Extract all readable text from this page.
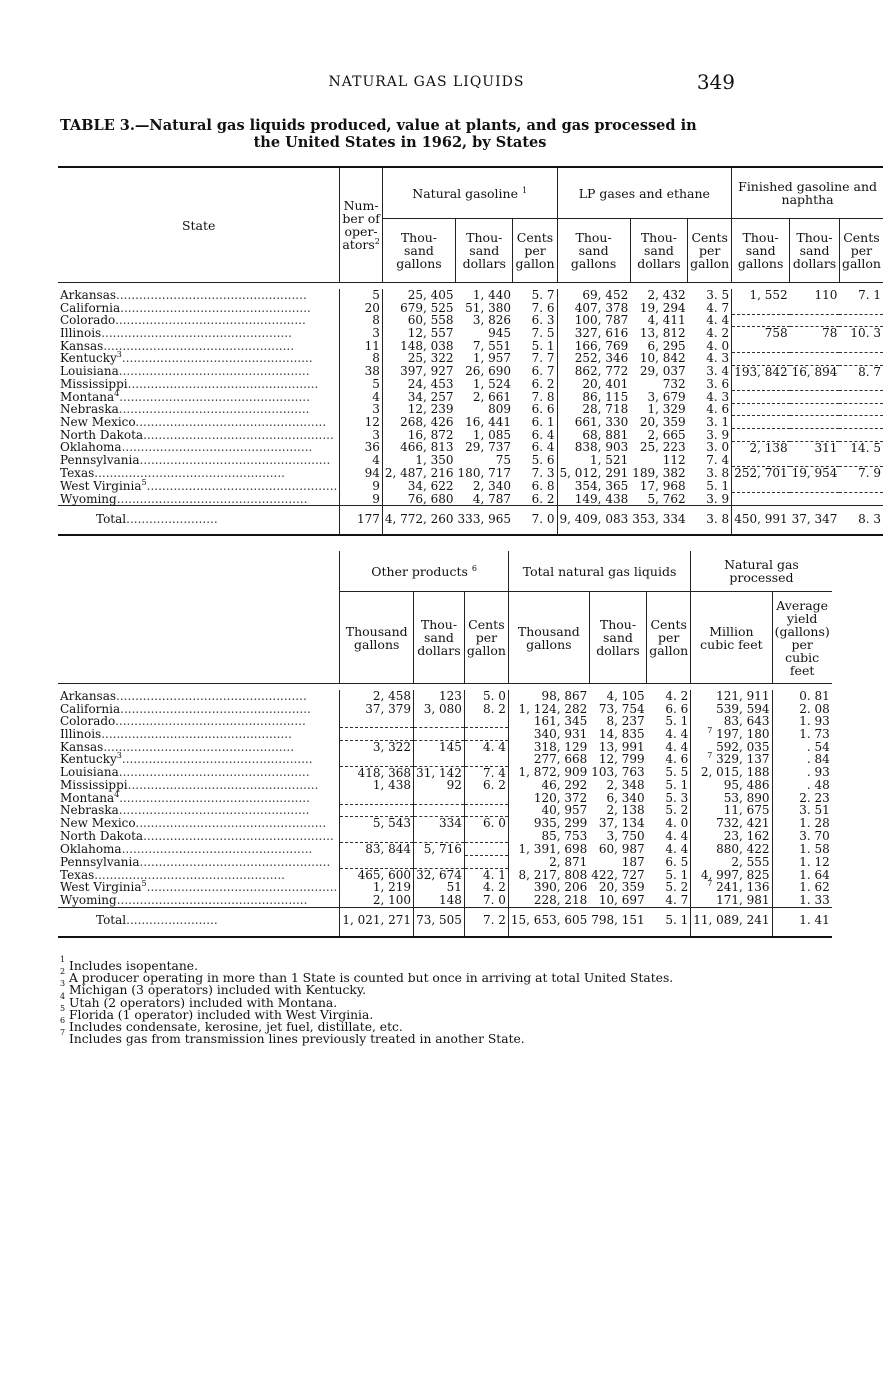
NATURAL GAS LIQUIDS	349
TABLE 3.—Natural gas liquids produced, value at plants, and gas processed in
the United States in 1962, by States
State	Num- ber of oper- ators$^2$	Natural gasoline $^1$			LP gases and ethane			Finished gasoline and naphtha		
		Thou- sand gallons	Thou- sand dollars	Cents per gallon	Thou- sand gallons	Thou- sand dollars	Cents per gallon	Thou- sand gallons	Thou- sand dollars	Cents per gallon

Arkansas..................................................	5	25, 405	1, 440	5. 7	69, 452	2, 432	3. 5	1, 552	110	7. 1
California..................................................	20	679, 525	51, 380	7. 6	407, 378	19, 294	4. 7			
Colorado..................................................	8	60, 558	3, 826	6. 3	100, 787	4, 411	4. 4			
Illinois..................................................	3	12, 557	945	7. 5	327, 616	13, 812	4. 2	758	78	10. 3
Kansas..................................................	11	148, 038	7, 551	5. 1	166, 769	6, 295	4. 0			
Kentucky$^3$..................................................	8	25, 322	1, 957	7. 7	252, 346	10, 842	4. 3			
Louisiana..................................................	38	397, 927	26, 690	6. 7	862, 772	29, 037	3. 4	193, 842	16, 894	8. 7
Mississippi..................................................	5	24, 453	1, 524	6. 2	20, 401	732	3. 6			
Montana$^4$..................................................	4	34, 257	2, 661	7. 8	86, 115	3, 679	4. 3			
Nebraska..................................................	3	12, 239	809	6. 6	28, 718	1, 329	4. 6			
New Mexico..................................................	12	268, 426	16, 441	6. 1	661, 330	20, 359	3. 1			
North Dakota..................................................	3	16, 872	1, 085	6. 4	68, 881	2, 665	3. 9			
Oklahoma..................................................	36	466, 813	29, 737	6. 4	838, 903	25, 223	3. 0	2, 138	311	14. 5
Pennsylvania..................................................	4	1, 350	75	5. 6	1, 521	112	7. 4			
Texas..................................................	94	2, 487, 216	180, 717	7. 3	5, 012, 291	189, 382	3. 8	252, 701	19, 954	7. 9
West Virginia$^5$..................................................	9	34, 622	2, 340	6. 8	354, 365	17, 968	5. 1			
Wyoming..................................................	9	76, 680	4, 787	6. 2	149, 438	5, 762	3. 9			
Total........................	177	4, 772, 260	333, 965	7. 0	9, 409, 083	353, 334	3. 8	450, 991	37, 347	8. 3
	Other products $^6$			Total natural gas liquids			Natural gas processed	
	Thousand gallons	Thou- sand dollars	Cents per gallon	Thousand gallons	Thou- sand dollars	Cents per gallon	Million cubic feet	Average yield (gallons) per cubic feet

Arkansas..................................................	2, 458	123	5. 0	98, 867	4, 105	4. 2	121, 911	0. 81
California..................................................	37, 379	3, 080	8. 2	1, 124, 282	73, 754	6. 6	539, 594	2. 08
Colorado..................................................				161, 345	8, 237	5. 1	83, 643	1. 93
Illinois..................................................				340, 931	14, 835	4. 4	$^7$ 197, 180	1. 73
Kansas..................................................	3, 322	145	4. 4	318, 129	13, 991	4. 4	592, 035	. 54
Kentucky$^3$..................................................				277, 668	12, 799	4. 6	$^7$ 329, 137	. 84
Louisiana..................................................	418, 368	31, 142	7. 4	1, 872, 909	103, 763	5. 5	2, 015, 188	. 93
Mississippi..................................................	1, 438	92	6. 2	46, 292	2, 348	5. 1	95, 486	. 48
Montana$^4$..................................................				120, 372	6, 340	5. 3	53, 890	2. 23
Nebraska..................................................				40, 957	2, 138	5. 2	11, 675	3. 51
New Mexico..................................................	5, 543	334	6. 0	935, 299	37, 134	4. 0	732, 421	1. 28
North Dakota..................................................				85, 753	3, 750	4. 4	23, 162	3. 70
Oklahoma..................................................	83, 844	5, 716		1, 391, 698	60, 987	4. 4	880, 422	1. 58
Pennsylvania..................................................				2, 871	187	6. 5	2, 555	1. 12
Texas..................................................	465, 600	32, 674	4. 1	8, 217, 808	422, 727	5. 1	4, 997, 825	1. 64
West Virginia$^5$..................................................	1, 219	51	4. 2	390, 206	20, 359	5. 2	$^7$ 241, 136	1. 62
Wyoming..................................................	2, 100	148	7. 0	228, 218	10, 697	4. 7	171, 981	1. 33
Total........................	1, 021, 271	73, 505	7. 2	15, 653, 605	798, 151	5. 1	11, 089, 241	1. 41
$^1$ Includes isopentane.
$^2$ A producer operating in more than 1 State is counted but once in arriving at total United States.
$^3$ Michigan (3 operators) included with Kentucky.
$^4$ Utah (2 operators) included with Montana.
$^5$ Florida (1 operator) included with West Virginia.
$^6$ Includes condensate, kerosine, jet fuel, distillate, etc.
$^7$ Includes gas from transmission lines previously treated in another State.
